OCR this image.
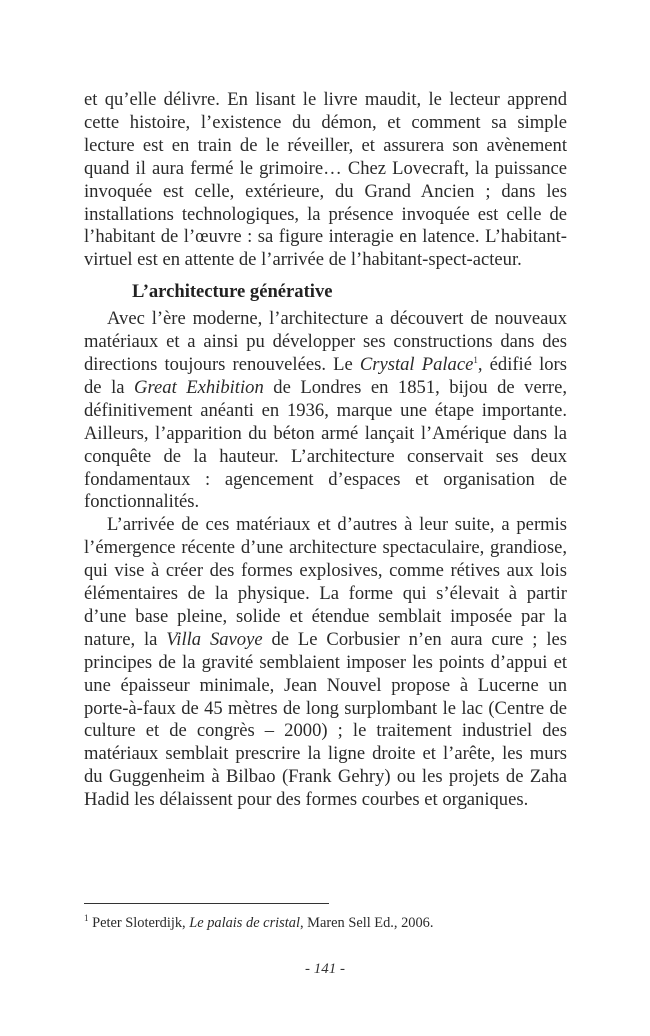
et qu’elle délivre. En lisant le livre maudit, le lecteur apprend cette histoire, l’existence du démon, et comment sa simple lecture est en train de le réveiller, et assurera son avènement quand il aura fermé le grimoire… Chez Lovecraft, la puissance invoquée est celle, extérieure, du Grand Ancien ; dans les installations technologiques, la présence invoquée est celle de l’habitant de l’œuvre : sa figure interagie en latence. L’habitant-virtuel est en attente de l’arrivée de l’habitant-spect-acteur.

L’architecture générative

Avec l’ère moderne, l’architecture a découvert de nouveaux matériaux et a ainsi pu développer ses constructions dans des directions toujours renouvelées. Le Crystal Palace$^1$, édifié lors de la Great Exhibition de Londres en 1851, bijou de verre, définitivement anéanti en 1936, marque une étape importante. Ailleurs, l’apparition du béton armé lançait l’Amérique dans la conquête de la hauteur. L’architecture conservait ses deux fondamentaux : agencement d’espaces et organisation de fonctionnalités.

L’arrivée de ces matériaux et d’autres à leur suite, a permis l’émergence récente d’une architecture spectaculaire, grandiose, qui vise à créer des formes explosives, comme rétives aux lois élémentaires de la physique. La forme qui s’élevait à partir d’une base pleine, solide et étendue semblait imposée par la nature, la Villa Savoye de Le Corbusier n’en aura cure ; les principes de la gravité semblaient imposer les points d’appui et une épaisseur minimale, Jean Nouvel propose à Lucerne un porte-à-faux de 45 mètres de long surplombant le lac (Centre de culture et de congrès – 2000) ; le traitement industriel des matériaux semblait prescrire la ligne droite et l’arête, les murs du Guggenheim à Bilbao (Frank Gehry) ou les projets de Zaha Hadid les délaissent pour des formes courbes et organiques.

$^1$ Peter Sloterdijk, Le palais de cristal, Maren Sell Ed., 2006.
- 141 -
